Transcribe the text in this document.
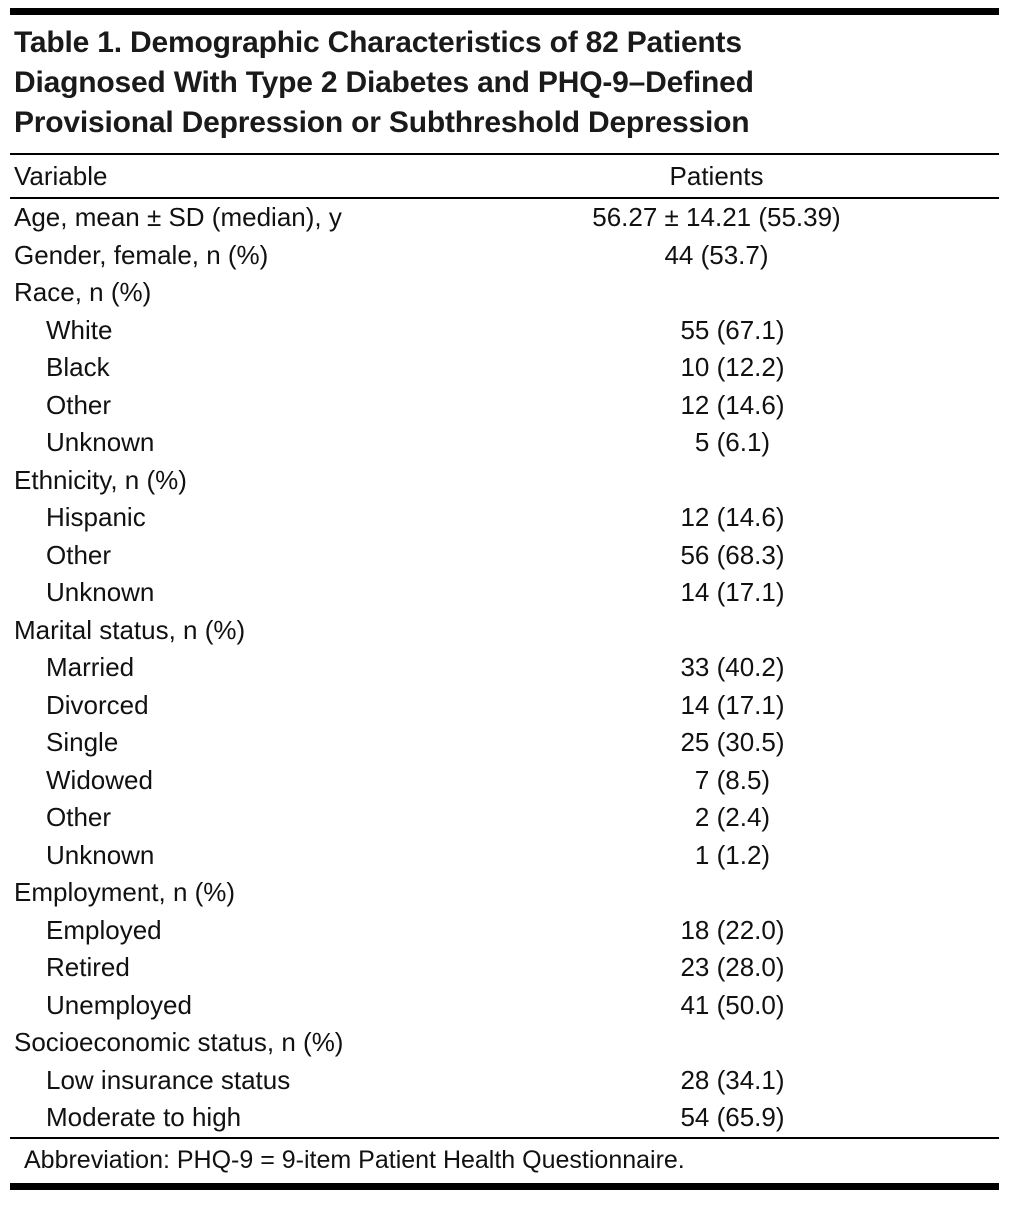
Table 1. Demographic Characteristics of 82 Patients Diagnosed With Type 2 Diabetes and PHQ-9–Defined Provisional Depression or Subthreshold Depression
Variable	Patients
Age, mean ± SD (median), y	56.27 ± 14.21 (55.39)
Gender, female, n (%)	44 (53.7)
Race, n (%)
White	55 (67.1)
Black	10 (12.2)
Other	12 (14.6)
Unknown	5 (6.1)
Ethnicity, n (%)
Hispanic	12 (14.6)
Other	56 (68.3)
Unknown	14 (17.1)
Marital status, n (%)
Married	33 (40.2)
Divorced	14 (17.1)
Single	25 (30.5)
Widowed	7 (8.5)
Other	2 (2.4)
Unknown	1 (1.2)
Employment, n (%)
Employed	18 (22.0)
Retired	23 (28.0)
Unemployed	41 (50.0)
Socioeconomic status, n (%)
Low insurance status	28 (34.1)
Moderate to high	54 (65.9)
Abbreviation: PHQ-9 = 9-item Patient Health Questionnaire.
